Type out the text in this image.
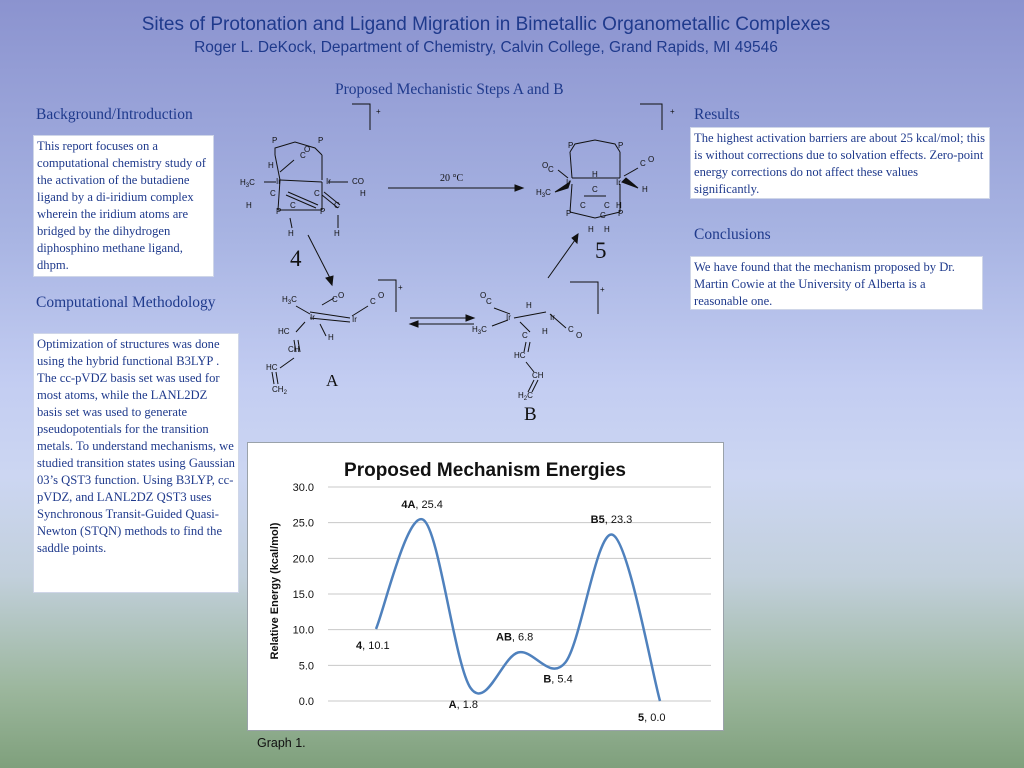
Sites of Protonation and Ligand Migration in Bimetallic Organometallic Complexes
Roger L. DeKock, Department of Chemistry, Calvin College, Grand Rapids, MI 49546
Background/Introduction
This report focuses on a computational chemistry study of the activation of the butadiene ligand by a di-iridium complex wherein the iridium atoms are bridged by the dihydrogen diphosphino methane ligand, dhpm.
Computational Methodology
Optimization of structures was done using the hybrid functional B3LYP . The cc-pVDZ basis set was used for most atoms, while the LANL2DZ basis set was used to generate pseudopotentials for the transition metals. To understand mechanisms, we studied transition states using Gaussian 03’s QST3 function. Using B3LYP, cc-pVDZ, and LANL2DZ QST3 uses Synchronous Transit-Guided Quasi-Newton (STQN) methods to find the saddle points.
Proposed Mechanistic Steps A and B
Results
The highest activation barriers are about 25 kcal/mol; this is without corrections due to solvation effects. Zero-point energy corrections do not affect these values significantly.
Conclusions
We have found that the mechanism proposed by Dr. Martin Cowie at the University of Alberta is a reasonable one.
P	P
H
C
O
$H_3C$	Ir	Ir	CO
C	C
H
H
P
C	C
P
H	H
P	P
O C
C O
Ir	Ir
H
$H_3C$	H
C
C C H
P	C P
H H
$H_3C$	C O
C
O
Ir	Ir
H
HC
CH
HC
$CH_2$
O
C	H
Ir	Ir
$H_3C$
C H	C
O
HC
CH
$H_2C$
+	+
+	+
20 °C
4	5
A
B
Proposed Mechanism Energies
Relative Energy (kcal/mol)
0.0
5.0
10.0
15.0
20.0
25.0
30.0
4, 10.1
4A, 25.4
A, 1.8
AB, 6.8
B, 5.4
B5, 23.3
5, 0.0
Graph 1.
